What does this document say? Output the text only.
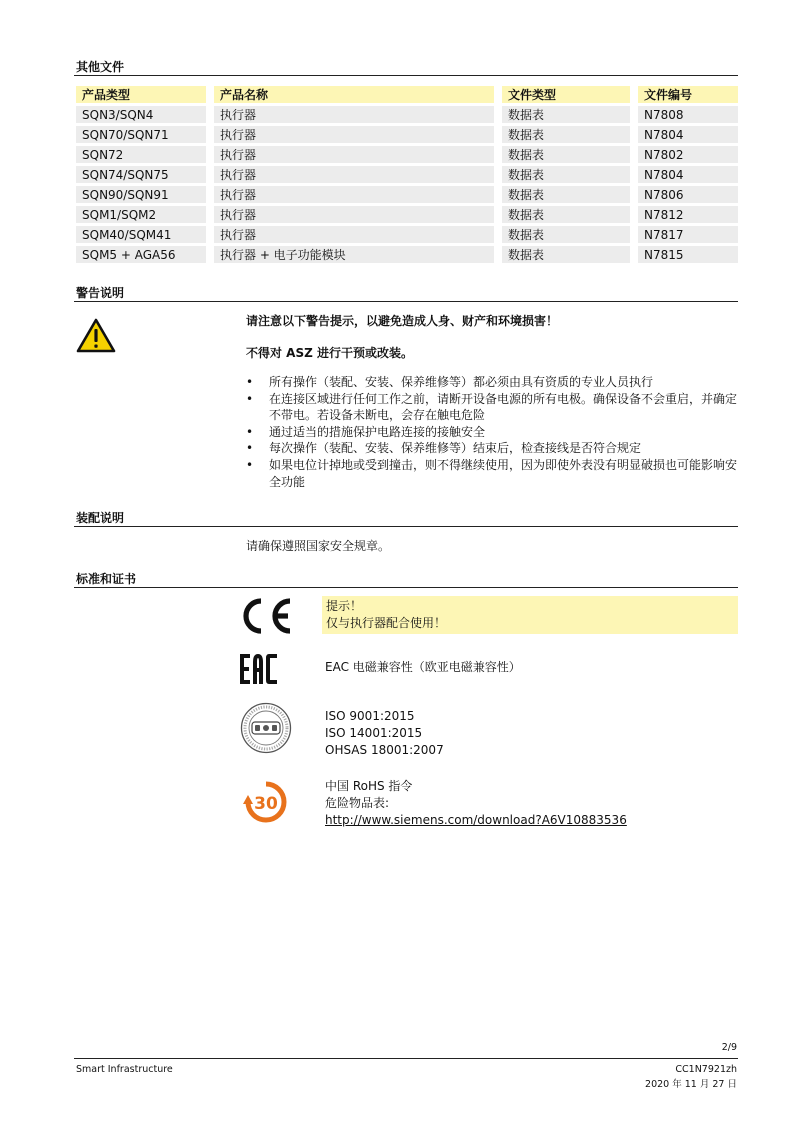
其他文件
产品类型		产品名称		文件类型		文件编号
SQN3/SQN4		执行器		数据表		N7808
SQN70/SQN71		执行器		数据表		N7804
SQN72		执行器		数据表		N7802
SQN74/SQN75		执行器		数据表		N7804
SQN90/SQN91		执行器		数据表		N7806
SQM1/SQM2		执行器		数据表		N7812
SQM40/SQM41		执行器		数据表		N7817
SQM5 + AGA56		执行器 + 电子功能模块		数据表		N7815
警告说明
请注意以下警告提示，以避免造成人身、财产和环境损害！
不得对 ASZ 进行干预或改装。
• 所有操作（装配、安装、保养维修等）都必须由具有资质的专业人员执行
• 在连接区域进行任何工作之前，请断开设备电源的所有电极。确保设备不会重启，并确定不带电。若设备未断电，会存在触电危险
• 通过适当的措施保护电路连接的接触安全
• 每次操作（装配、安装、保养维修等）结束后，检查接线是否符合规定
• 如果电位计掉地或受到撞击，则不得继续使用，因为即使外表没有明显破损也可能影响安全功能
装配说明
请确保遵照国家安全规章。
标准和证书
提示！
仅与执行器配合使用！
EAC 电磁兼容性（欧亚电磁兼容性）
ISO 9001:2015
ISO 14001:2015
OHSAS 18001:2007
30
中国 RoHS 指令
危险物品表:
http://www.siemens.com/download?A6V10883536
2/9
Smart Infrastructure	CC1N7921zh
2020 年 11 月 27 日
